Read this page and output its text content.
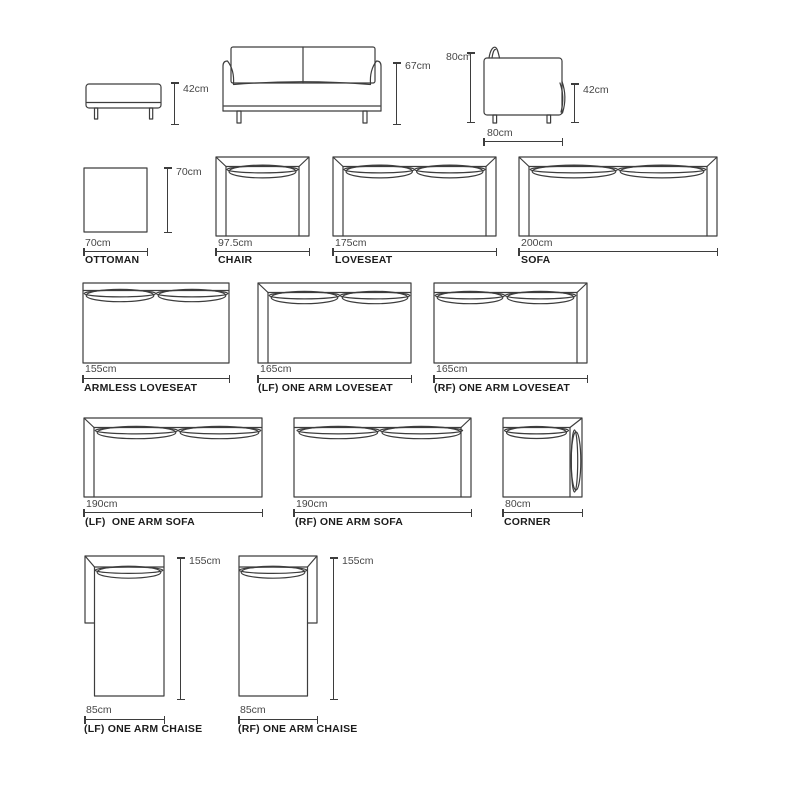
42cm
67cm
80cm
42cm
80cm
70cm
70cm
OTTOMAN
97.5cm
CHAIR
175cm
LOVESEAT
200cm
SOFA
155cm
ARMLESS LOVESEAT
165cm
(LF) ONE ARM LOVESEAT
165cm
(RF) ONE ARM LOVESEAT
190cm
(LF)  ONE ARM SOFA
190cm
(RF) ONE ARM SOFA
80cm
CORNER
155cm
85cm
(LF) ONE ARM CHAISE
155cm
85cm
(RF) ONE ARM CHAISE
